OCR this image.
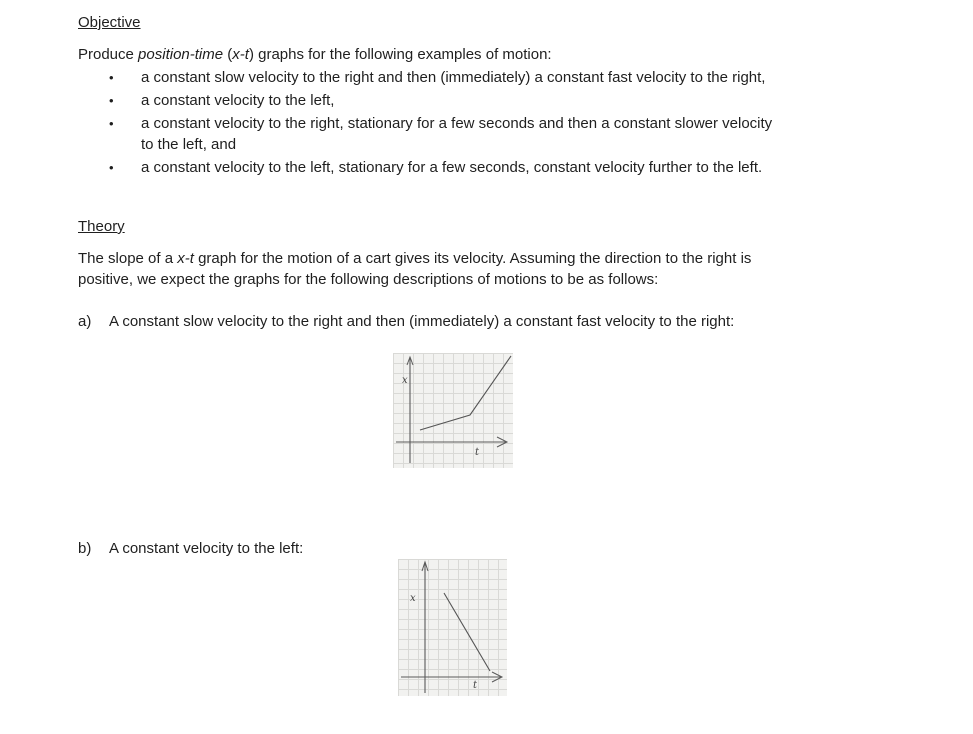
Objective
Produce position-time (x-t) graphs for the following examples of motion:
• a constant slow velocity to the right and then (immediately) a constant fast velocity to the right,
• a constant velocity to the left,
• a constant velocity to the right, stationary for a few seconds and then a constant slower velocity
to the left, and
• a constant velocity to the left, stationary for a few seconds, constant velocity further to the left.
Theory
The slope of a x-t graph for the motion of a cart gives its velocity. Assuming the direction to the right is
positive, we expect the graphs for the following descriptions of motions to be as follows:
a) A constant slow velocity to the right and then (immediately) a constant fast velocity to the right:
x
t
b) A constant velocity to the left:
x
t
